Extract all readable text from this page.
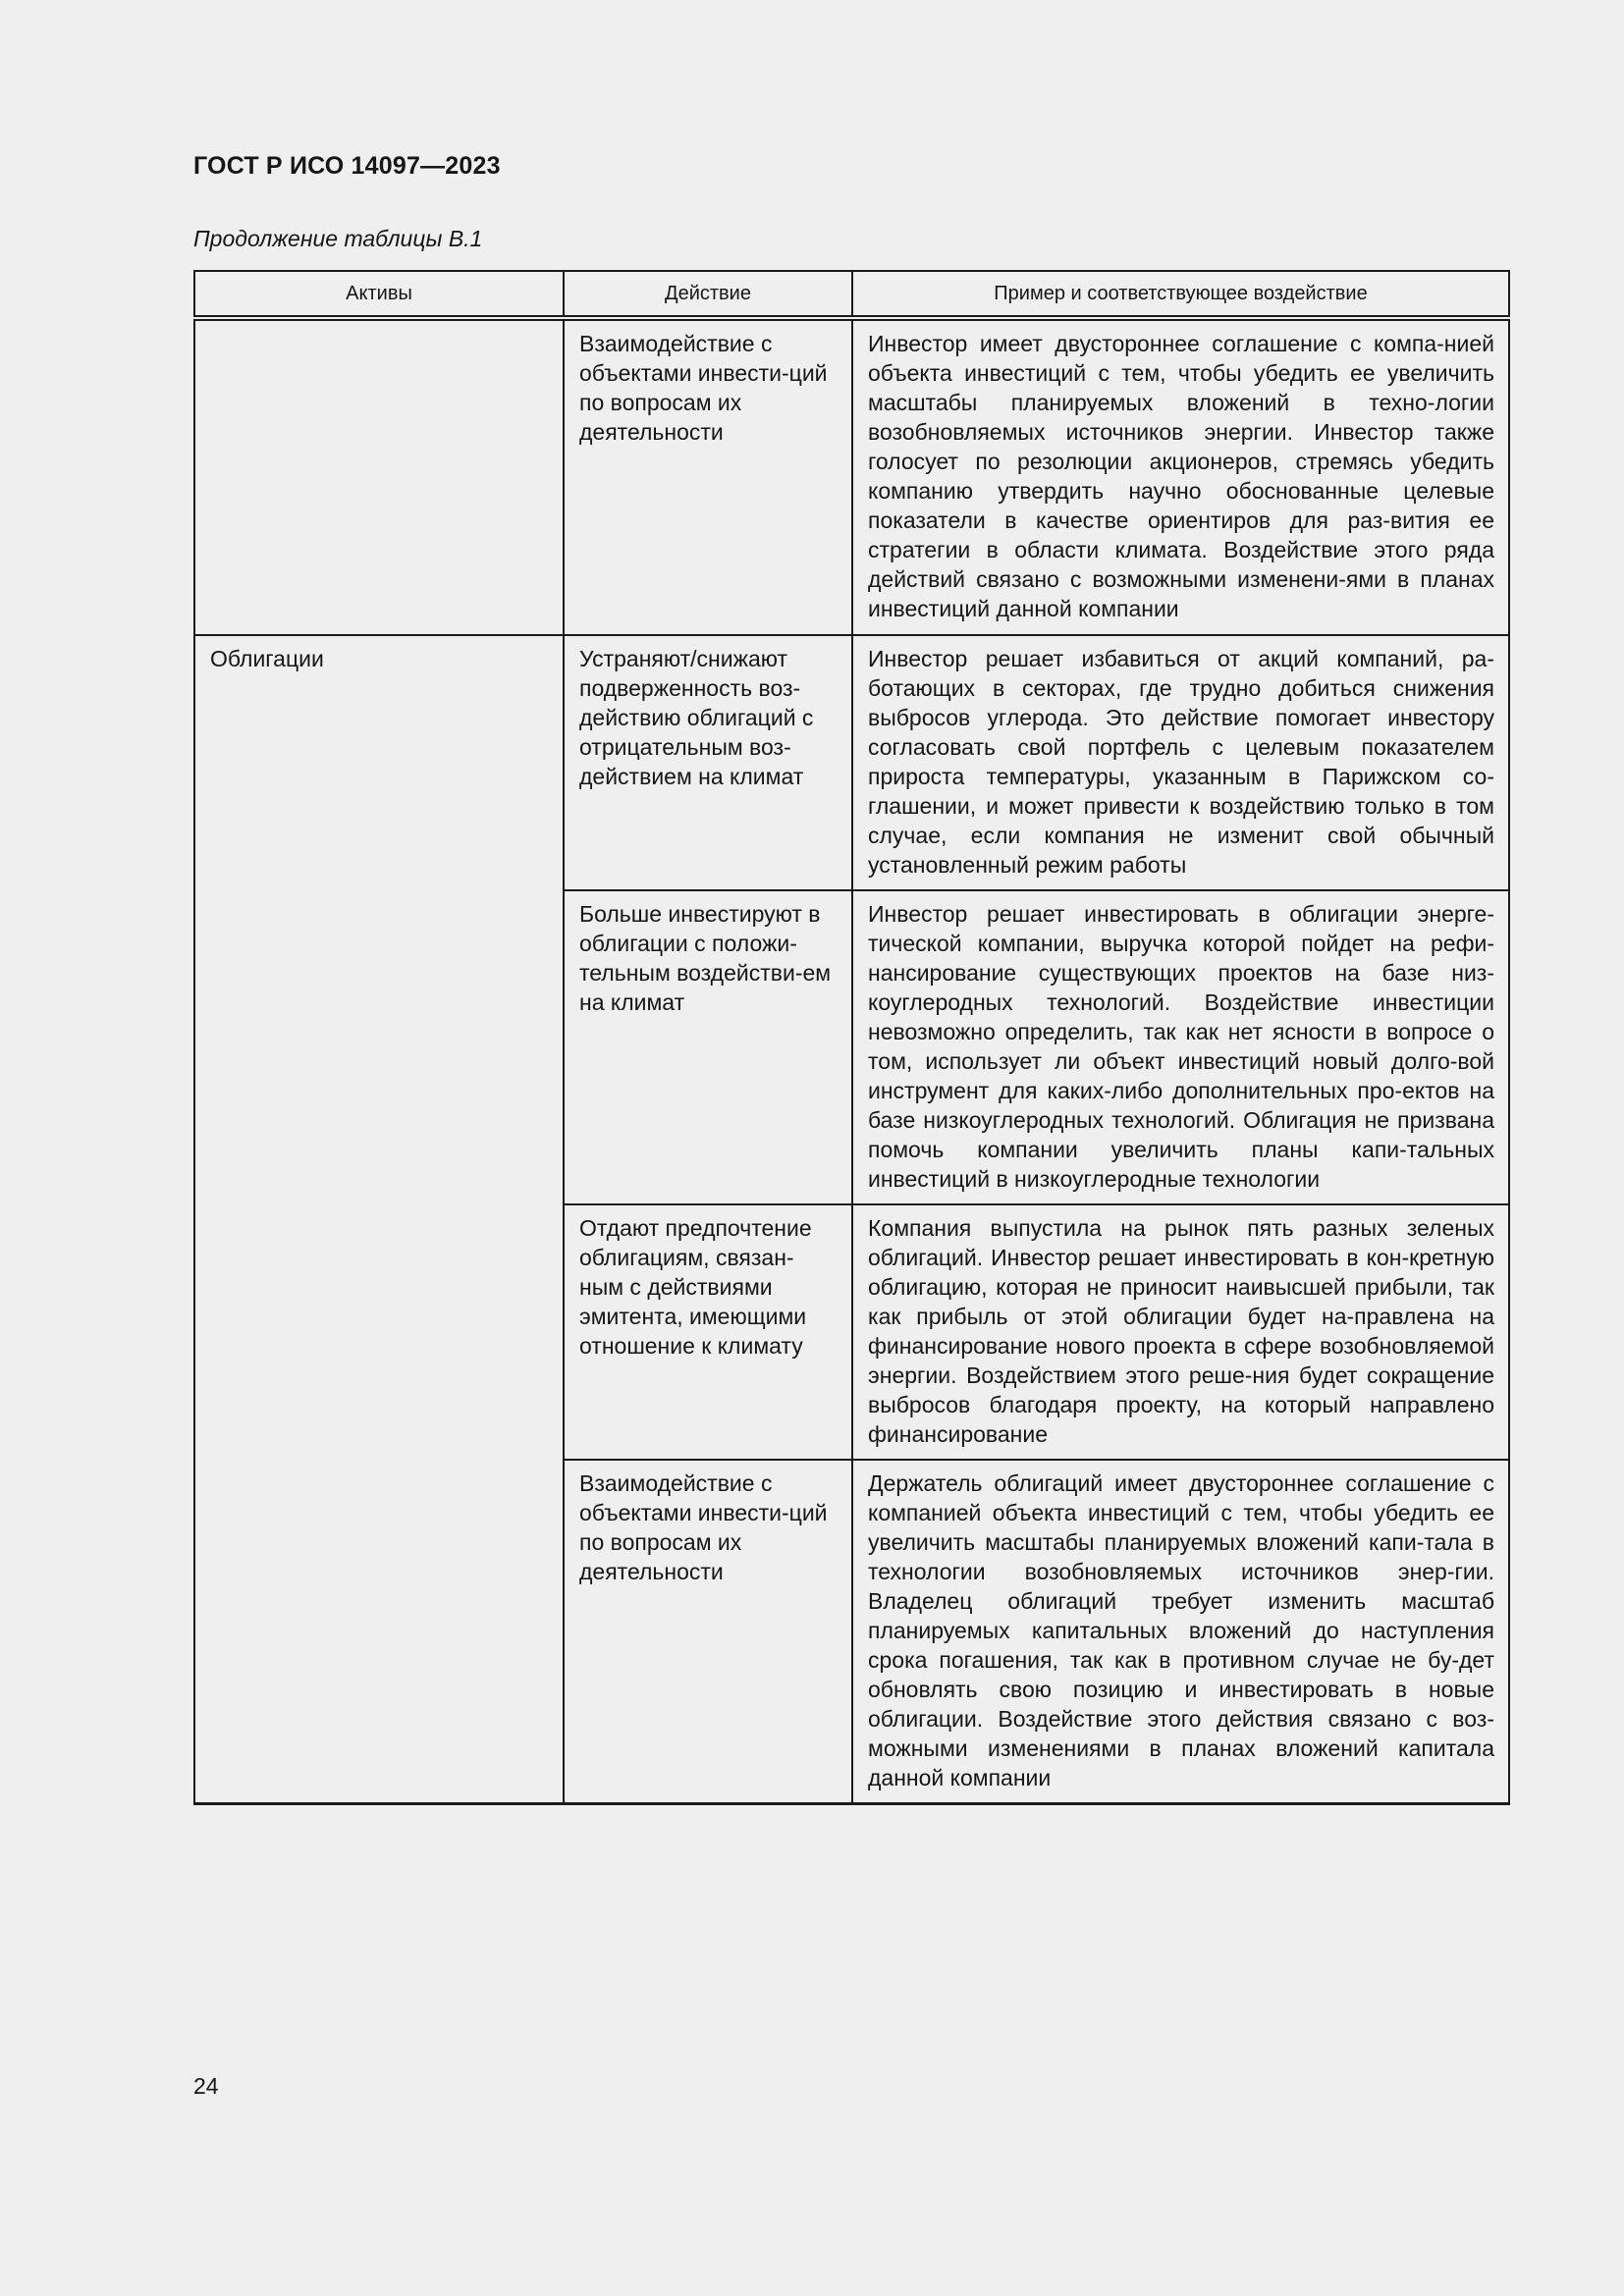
ГОСТ Р ИСО 14097—2023
Продолжение таблицы В.1
Активы	Действие	Пример и соответствующее воздействие
	Взаимодействие с объектами инвести-ций по вопросам их деятельности	Инвестор имеет двустороннее соглашение с компа-нией объекта инвестиций с тем, чтобы убедить ее увеличить масштабы планируемых вложений в техно-логии возобновляемых источников энергии. Инвестор также голосует по резолюции акционеров, стремясь убедить компанию утвердить научно обоснованные целевые показатели в качестве ориентиров для раз-вития ее стратегии в области климата. Воздействие этого ряда действий связано с возможными изменени-ями в планах инвестиций данной компании
Облигации	Устраняют/снижают подверженность воз-действию облигаций с отрицательным воз-действием на климат	Инвестор решает избавиться от акций компаний, ра-ботающих в секторах, где трудно добиться снижения выбросов углерода. Это действие помогает инвестору согласовать свой портфель с целевым показателем прироста температуры, указанным в Парижском со-глашении, и может привести к воздействию только в том случае, если компания не изменит свой обычный установленный режим работы
	Больше инвестируют в облигации с положи-тельным воздействи-ем на климат	Инвестор решает инвестировать в облигации энерге-тической компании, выручка которой пойдет на рефи-нансирование существующих проектов на базе низ-коуглеродных технологий. Воздействие инвестиции невозможно определить, так как нет ясности в вопросе о том, использует ли объект инвестиций новый долго-вой инструмент для каких-либо дополнительных про-ектов на базе низкоуглеродных технологий. Облигация не призвана помочь компании увеличить планы капи-тальных инвестиций в низкоуглеродные технологии
	Отдают предпочтение облигациям, связан-ным с действиями эмитента, имеющими отношение к климату	Компания выпустила на рынок пять разных зеленых облигаций. Инвестор решает инвестировать в кон-кретную облигацию, которая не приносит наивысшей прибыли, так как прибыль от этой облигации будет на-правлена на финансирование нового проекта в сфере возобновляемой энергии. Воздействием этого реше-ния будет сокращение выбросов благодаря проекту, на который направлено финансирование
	Взаимодействие с объектами инвести-ций по вопросам их деятельности	Держатель облигаций имеет двустороннее соглашение с компанией объекта инвестиций с тем, чтобы убедить ее увеличить масштабы планируемых вложений капи-тала в технологии возобновляемых источников энер-гии. Владелец облигаций требует изменить масштаб планируемых капитальных вложений до наступления срока погашения, так как в противном случае не бу-дет обновлять свою позицию и инвестировать в новые облигации. Воздействие этого действия связано с воз-можными изменениями в планах вложений капитала данной компании
24
